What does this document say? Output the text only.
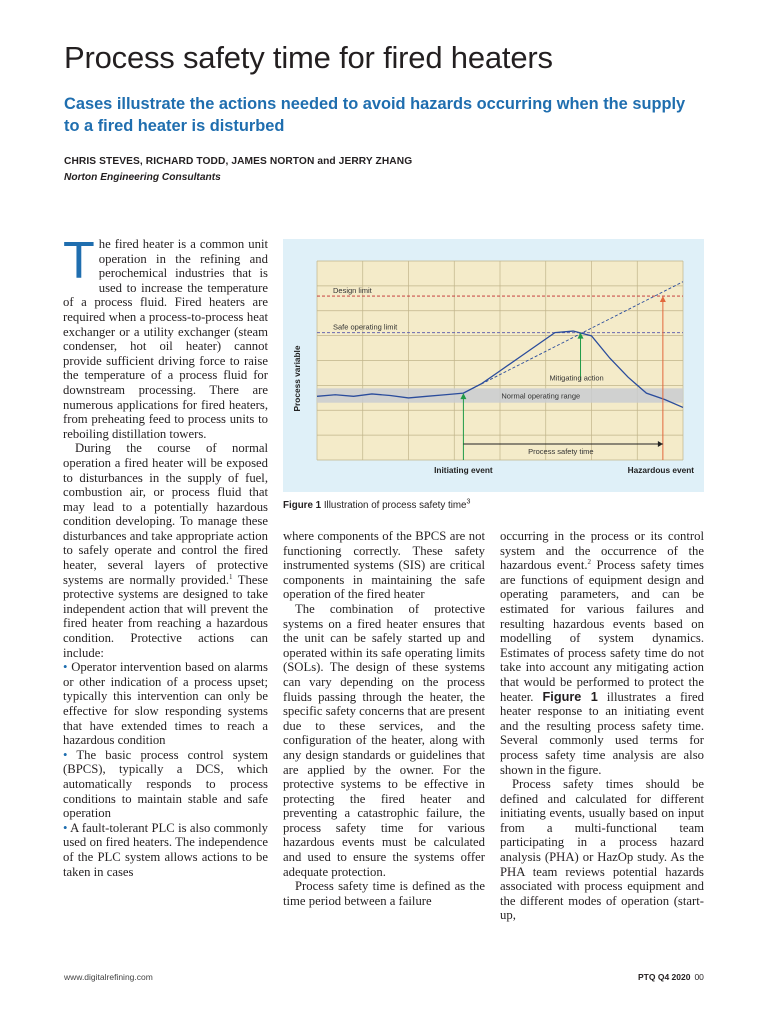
Process safety time for fired heaters
Cases illustrate the actions needed to avoid hazards occurring when the supply to a fired heater is disturbed
CHRIS STEVES, RICHARD TODD, JAMES NORTON and JERRY ZHANG
Norton Engineering Consultants

The fired heater is a common unit operation in the refining and perochemical industries that is used to increase the temperature of a process fluid. Fired heaters are required when a process-to-process heat exchanger or a utility exchanger (steam condenser, hot oil heater) cannot provide sufficient driving force to raise the temperature of a process fluid for downstream processing. There are numerous applications for fired heaters, from preheating feed to process units to reboiling distillation towers.

During the course of normal operation a fired heater will be exposed to disturbances in the supply of fuel, combustion air, or process fluid that may lead to a potentially hazardous condition developing. To manage these disturbances and take appropriate action to safely operate and control the fired heater, several layers of protective systems are normally provided.$^1$ These protective systems are designed to take independent action that will prevent the fired heater from reaching a hazardous condition. Protective actions can include:

• Operator intervention based on alarms or other indication of a process upset; typically this intervention can only be effective for slow responding systems that have extended times to reach a hazardous condition

• The basic process control system (BPCS), typically a DCS, which automatically responds to process conditions to maintain stable and safe operation

• A fault-tolerant PLC is also commonly used on fired heaters. The independence of the PLC system allows actions to be taken in cases

Normal operating range
Design limit
Safe operating limit
Mitigating action
Process safety time
Initiating event	Hazardous event
Process variable
Figure 1 Illustration of process safety time$^3$

where components of the BPCS are not functioning correctly. These safety instrumented systems (SIS) are critical components in maintaining the safe operation of the fired heater

The combination of protective systems on a fired heater ensures that the unit can be safely started up and operated within its safe operating limits (SOLs). The design of these systems can vary depending on the process fluids passing through the heater, the specific safety concerns that are present due to these services, and the configuration of the heater, along with any design standards or guidelines that are applied by the owner. For the protective systems to be effective in protecting the fired heater and preventing a catastrophic failure, the process safety time for various hazardous events must be calculated and used to ensure the systems offer adequate protection.

Process safety time is defined as the time period between a failure

occurring in the process or its control system and the occurrence of the hazardous event.$^2$ Process safety times are functions of equipment design and operating parameters, and can be estimated for various failures and resulting hazardous events based on modelling of system dynamics. Estimates of process safety time do not take into account any mitigating action that would be performed to protect the heater. Figure 1 illustrates a fired heater response to an initiating event and the resulting process safety time. Several commonly used terms for process safety time analysis are also shown in the figure.

Process safety times should be defined and calculated for different initiating events, usually based on input from a multi-functional team participating in a process hazard analysis (PHA) or HazOp study. As the PHA team reviews potential hazards associated with process equipment and the different modes of operation (start-up,

www.digitalrefining.com	PTQ Q4 2020 00
